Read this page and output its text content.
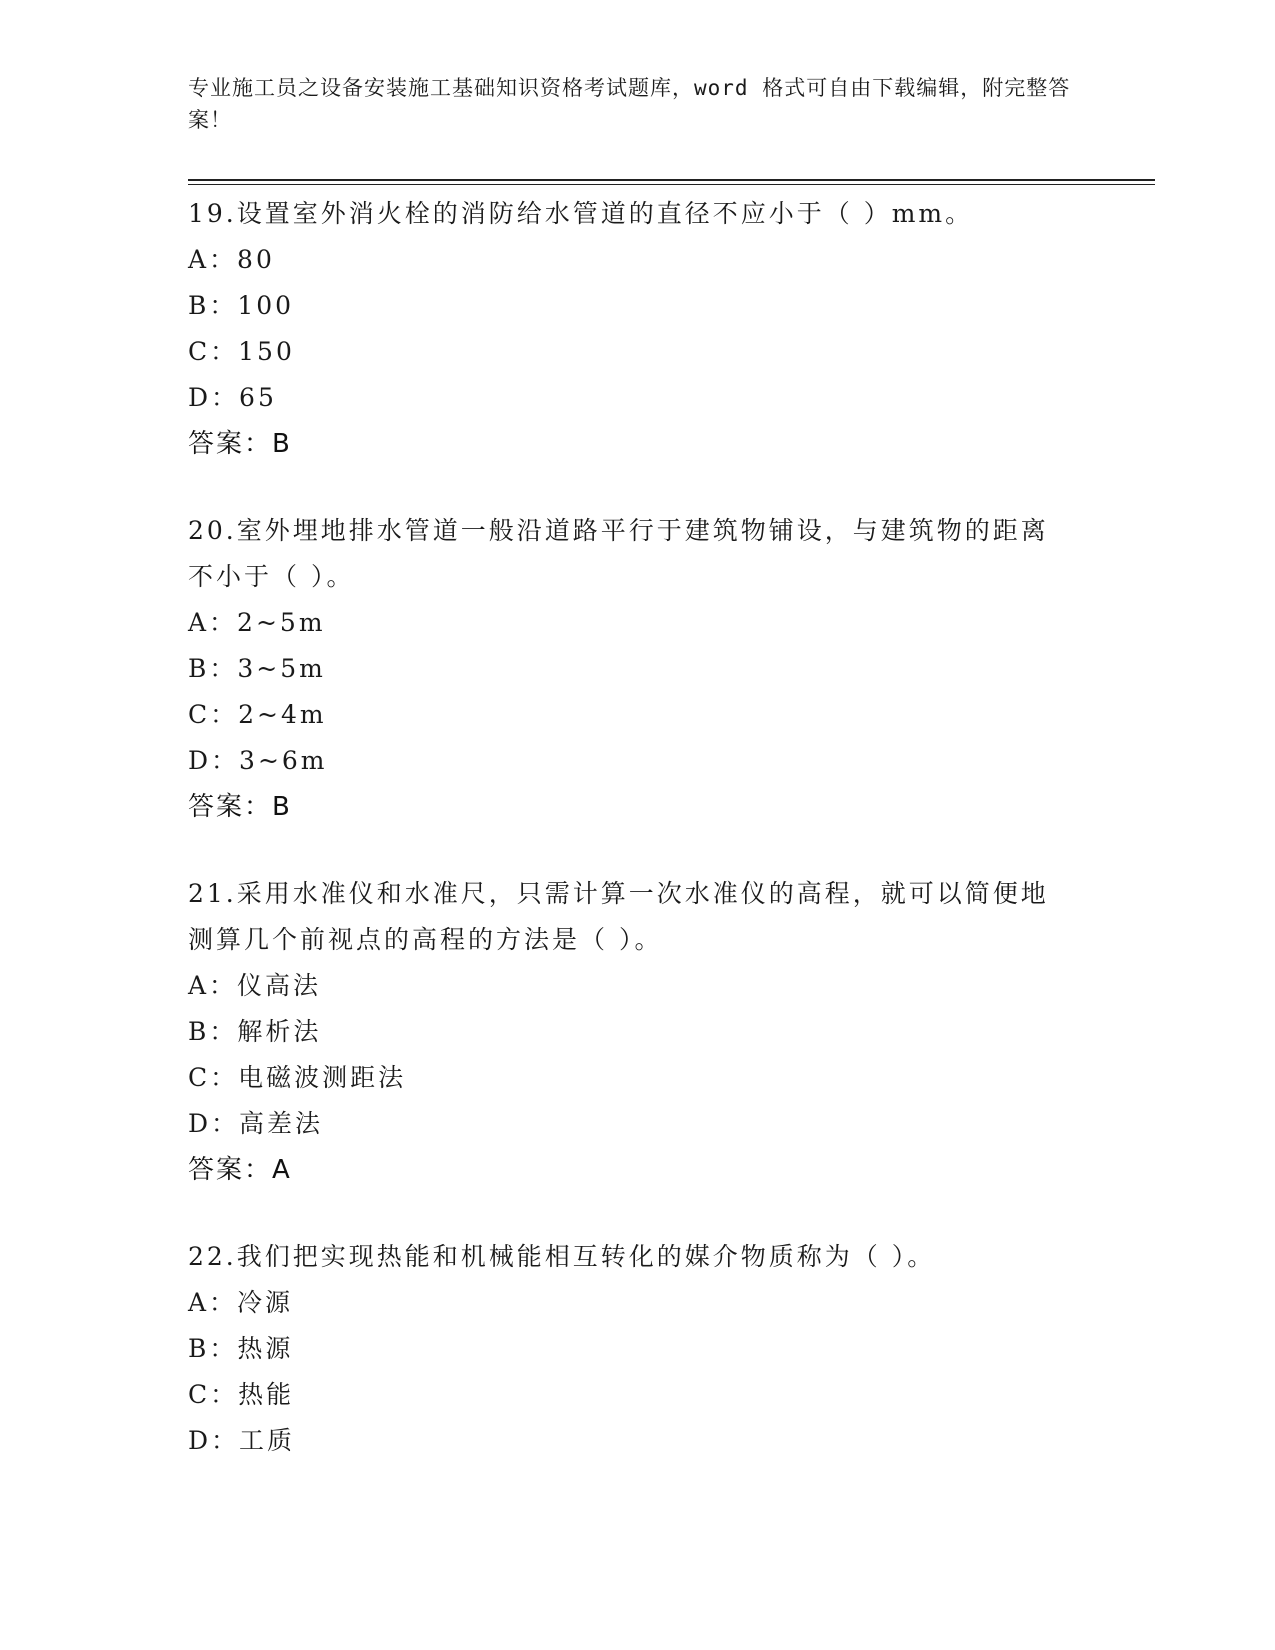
专业施工员之设备安装施工基础知识资格考试题库，word 格式可自由下载编辑，附完整答案！
19.设置室外消火栓的消防给水管道的直径不应小于（ ）mm。
A：80
B：100
C：150
D：65
答案：B
20.室外埋地排水管道一般沿道路平行于建筑物铺设，与建筑物的距离不小于（ ）。
A：2~5m
B：3~5m
C：2~4m
D：3~6m
答案：B
21.采用水准仪和水准尺，只需计算一次水准仪的高程，就可以简便地测算几个前视点的高程的方法是（ ）。
A：仪高法
B：解析法
C：电磁波测距法
D：高差法
答案：A
22.我们把实现热能和机械能相互转化的媒介物质称为（ ）。
A：冷源
B：热源
C：热能
D：工质
